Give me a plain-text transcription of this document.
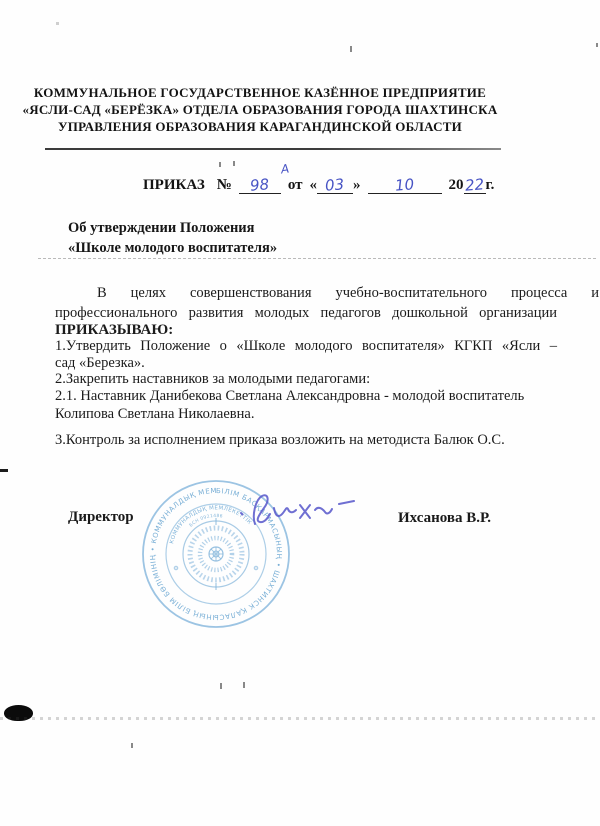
КОММУНАЛЬНОЕ ГОСУДАРСТВЕННОЕ КАЗЁННОЕ ПРЕДПРИЯТИЕ
«ЯСЛИ-САД «БЕРЁЗКА» ОТДЕЛА ОБРАЗОВАНИЯ ГОРОДА ШАХТИНСКА
УПРАВЛЕНИЯ ОБРАЗОВАНИЯ КАРАГАНДИНСКОЙ ОБЛАСТИ
ПРИКАЗ №	98
А
от « 03 »	10	20 22 г.
Об утверждении Положения
«Школе молодого воспитателя»
В целях совершенствования учебно-воспитательного процесса и
профессионального развития молодых педагогов дошкольной организации
ПРИКАЗЫВАЮ:
1.Утвердить Положение о «Школе молодого воспитателя» КГКП «Ясли –
сад «Березка».
2.Закрепить наставников за молодыми педагогами:
2.1. Наставник Данибекова Светлана Александровна - молодой воспитатель
Колипова Светлана Николаевна.
3.Контроль за исполнением приказа возложить на методиста Балюк О.С.
Директор	Ихсанова В.Р.
БІЛІМ БАСҚАРМАСЫНЫҢ • ШАХТИНСК ҚАЛАСЫНЫҢ БІЛІМ БӨЛІМІНІҢ • КОММУНАЛДЫҚ МЕМЛЕКЕТТІК ҚАЗЫНАЛЫҚ КӘСІПОРНЫ •
КОММУНАЛДЫҚ МЕМЛЕКЕТТІК
БСН 0921486
